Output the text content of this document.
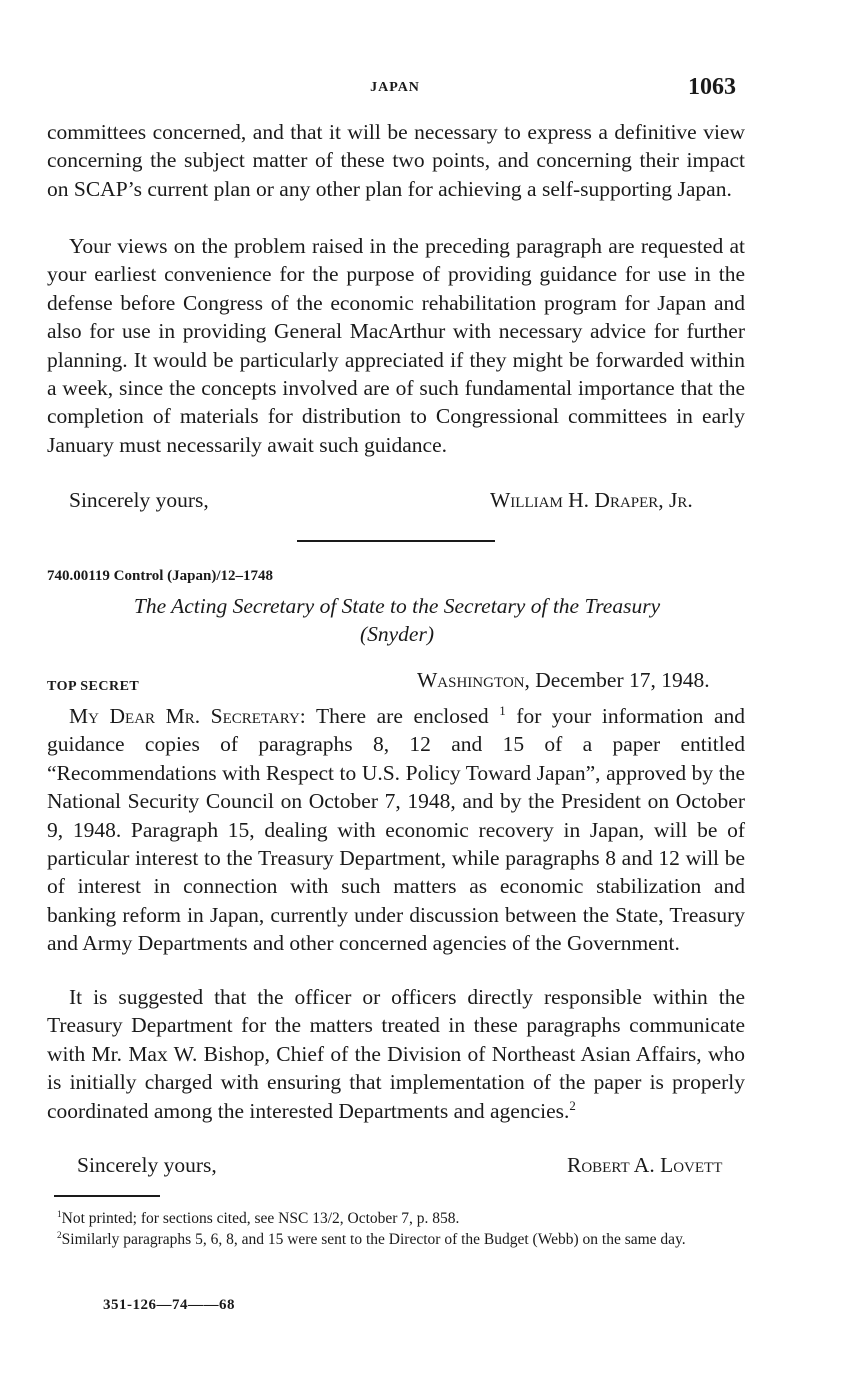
JAPAN	1063

committees concerned, and that it will be necessary to express a definitive view concerning the subject matter of these two points, and concerning their impact on SCAP’s current plan or any other plan for achieving a self-supporting Japan.

Your views on the problem raised in the preceding paragraph are requested at your earliest convenience for the purpose of providing guidance for use in the defense before Congress of the economic rehabilitation program for Japan and also for use in providing General MacArthur with necessary advice for further planning. It would be particularly appreciated if they might be forwarded within a week, since the concepts involved are of such fundamental importance that the completion of materials for distribution to Congressional committees in early January must necessarily await such guidance.

Sincerely yours,	William H. Draper, Jr.
740.00119 Control (Japan)/12–1748
The Acting Secretary of State to the Secretary of the Treasury
(Snyder)
TOP SECRET	Washington, December 17, 1948.

My Dear Mr. Secretary: There are enclosed $^1$ for your information and guidance copies of paragraphs 8, 12 and 15 of a paper entitled “Recommendations with Respect to U.S. Policy Toward Japan”, approved by the National Security Council on October 7, 1948, and by the President on October 9, 1948. Paragraph 15, dealing with economic recovery in Japan, will be of particular interest to the Treasury Department, while paragraphs 8 and 12 will be of interest in connection with such matters as economic stabilization and banking reform in Japan, currently under discussion between the State, Treasury and Army Departments and other concerned agencies of the Government.

It is suggested that the officer or officers directly responsible within the Treasury Department for the matters treated in these paragraphs communicate with Mr. Max W. Bishop, Chief of the Division of Northeast Asian Affairs, who is initially charged with ensuring that implementation of the paper is properly coordinated among the interested Departments and agencies.$^2$

Sincerely yours,	Robert A. Lovett

$^1$Not printed; for sections cited, see NSC 13/2, October 7, p. 858.

$^2$Similarly paragraphs 5, 6, 8, and 15 were sent to the Director of the Budget (Webb) on the same day.

351-126—74——68
